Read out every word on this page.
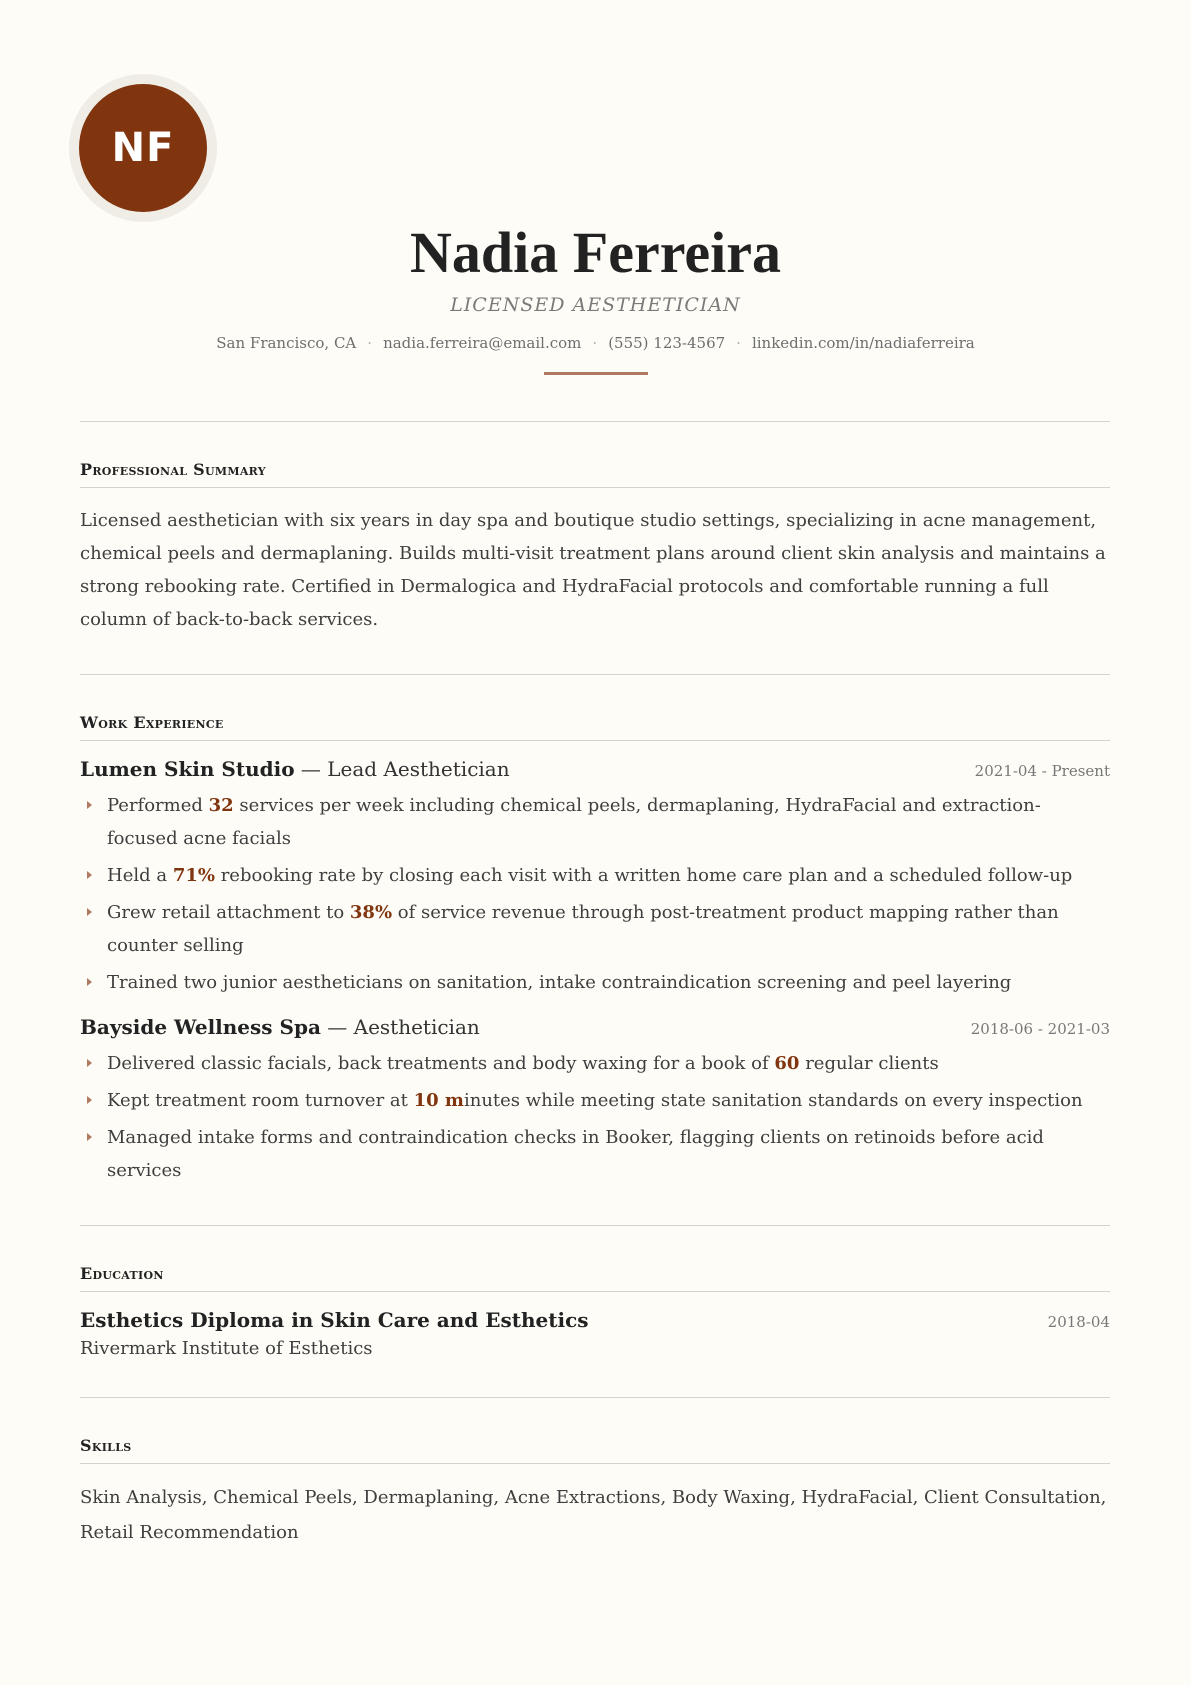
NF
Nadia Ferreira
LICENSED AESTHETICIAN
San Francisco, CA · nadia.ferreira@email.com · (555) 123-4567 · linkedin.com/in/nadiaferreira
Professional Summary
Licensed aesthetician with six years in day spa and boutique studio settings, specializing in acne management, chemical peels and dermaplaning. Builds multi-visit treatment plans around client skin analysis and maintains a strong rebooking rate. Certified in Dermalogica and HydraFacial protocols and comfortable running a full column of back-to-back services.
Work Experience
Lumen Skin Studio — Lead Aesthetician	2021-04 - Present
Performed 32 services per week including chemical peels, dermaplaning, HydraFacial and extraction-focused acne facials
Held a 71% rebooking rate by closing each visit with a written home care plan and a scheduled follow-up
Grew retail attachment to 38% of service revenue through post-treatment product mapping rather than counter selling
Trained two junior aestheticians on sanitation, intake contraindication screening and peel layering
Bayside Wellness Spa — Aesthetician	2018-06 - 2021-03
Delivered classic facials, back treatments and body waxing for a book of 60 regular clients
Kept treatment room turnover at 10 minutes while meeting state sanitation standards on every inspection
Managed intake forms and contraindication checks in Booker, flagging clients on retinoids before acid services
Education
Esthetics Diploma in Skin Care and Esthetics	2018-04
Rivermark Institute of Esthetics
Skills
Skin Analysis, Chemical Peels, Dermaplaning, Acne Extractions, Body Waxing, HydraFacial, Client Consultation, Retail Recommendation
